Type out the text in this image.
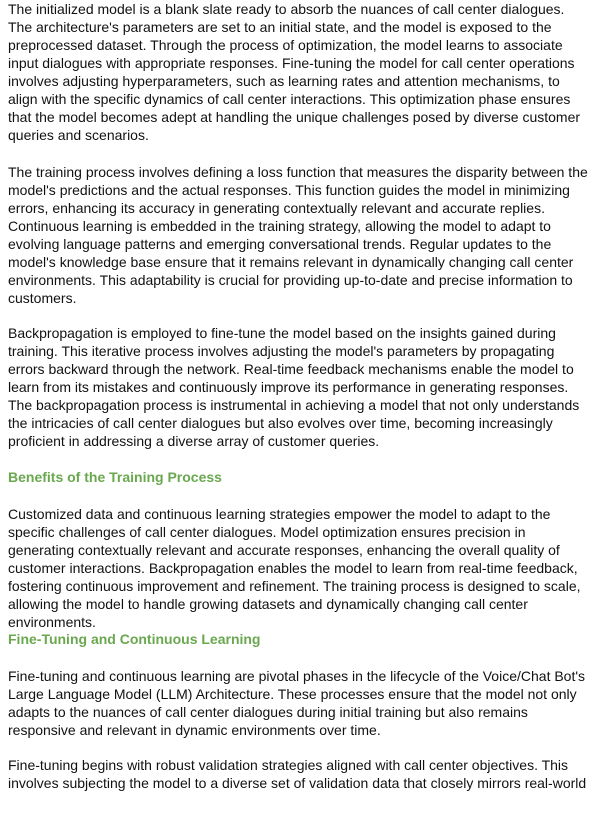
The initialized model is a blank slate ready to absorb the nuances of call center dialogues. The architecture's parameters are set to an initial state, and the model is exposed to the preprocessed dataset. Through the process of optimization, the model learns to associate input dialogues with appropriate responses. Fine-tuning the model for call center operations involves adjusting hyperparameters, such as learning rates and attention mechanisms, to align with the specific dynamics of call center interactions. This optimization phase ensures that the model becomes adept at handling the unique challenges posed by diverse customer queries and scenarios.

The training process involves defining a loss function that measures the disparity between the model's predictions and the actual responses. This function guides the model in minimizing errors, enhancing its accuracy in generating contextually relevant and accurate replies. Continuous learning is embedded in the training strategy, allowing the model to adapt to evolving language patterns and emerging conversational trends. Regular updates to the model's knowledge base ensure that it remains relevant in dynamically changing call center environments. This adaptability is crucial for providing up-to-date and precise information to customers.

Backpropagation is employed to fine-tune the model based on the insights gained during training. This iterative process involves adjusting the model's parameters by propagating errors backward through the network. Real-time feedback mechanisms enable the model to learn from its mistakes and continuously improve its performance in generating responses. The backpropagation process is instrumental in achieving a model that not only understands the intricacies of call center dialogues but also evolves over time, becoming increasingly proficient in addressing a diverse array of customer queries.

Benefits of the Training Process

Customized data and continuous learning strategies empower the model to adapt to the specific challenges of call center dialogues. Model optimization ensures precision in generating contextually relevant and accurate responses, enhancing the overall quality of customer interactions. Backpropagation enables the model to learn from real-time feedback, fostering continuous improvement and refinement. The training process is designed to scale, allowing the model to handle growing datasets and dynamically changing call center environments.

Fine-Tuning and Continuous Learning

Fine-tuning and continuous learning are pivotal phases in the lifecycle of the Voice/Chat Bot's Large Language Model (LLM) Architecture. These processes ensure that the model not only adapts to the nuances of call center dialogues during initial training but also remains responsive and relevant in dynamic environments over time.

Fine-tuning begins with robust validation strategies aligned with call center objectives. This involves subjecting the model to a diverse set of validation data that closely mirrors real-world
